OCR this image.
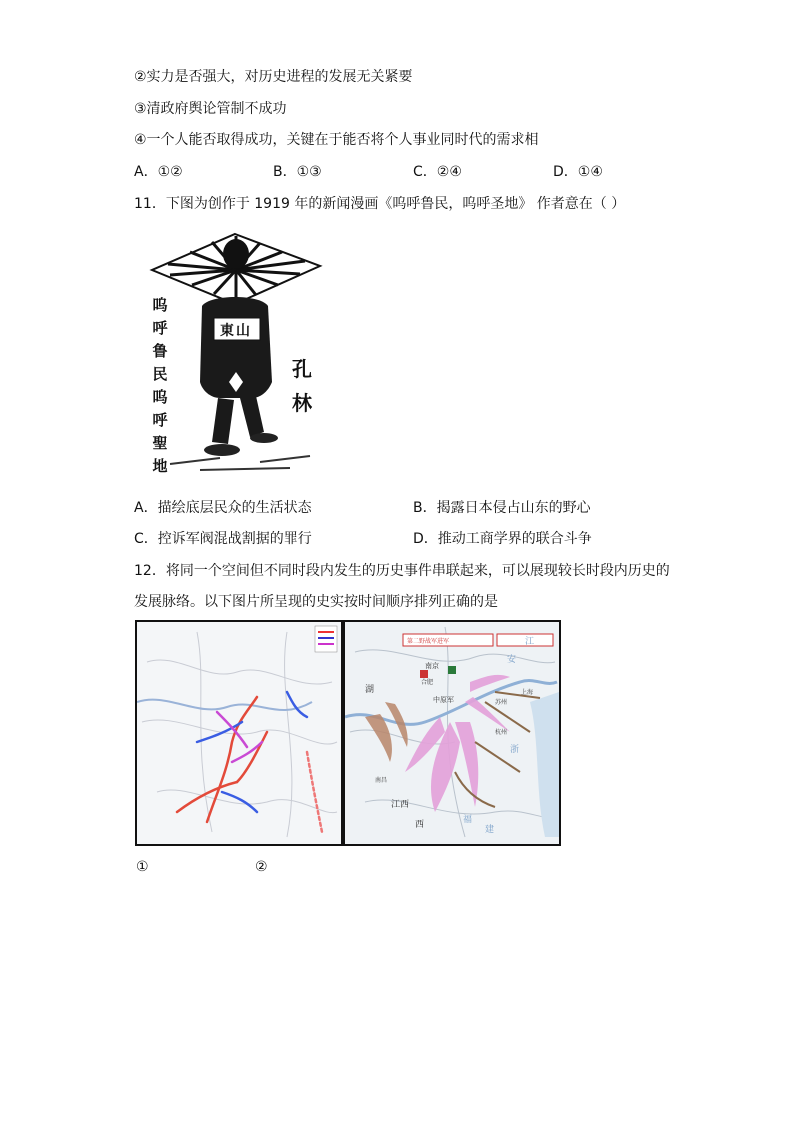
②实力是否强大，对历史进程的发展无关紧要
③清政府舆论管制不成功
④一个人能否取得成功，关键在于能否将个人事业同时代的需求相
A．①②	B．①③	C．②④	D．①④
11．下图为创作于 1919 年的新闻漫画《呜呼鲁民，呜呼圣地》 作者意在（ ）
呜呼鲁民呜呼聖地
東山
孔林
A．描绘底层民众的生活状态	B．揭露日本侵占山东的野心
C．控诉军阀混战割据的罪行	D．推动工商学界的联合斗争
12．将同一个空间但不同时段内发生的历史事件串联起来，可以展现较长时段内历史的
发展脉络。以下图片所呈现的史实按时间顺序排列正确的是
第二野战军进军
南京
合肥
苏州
上海
杭州
江
安
浙
福
建
中原军
南昌
江西
西
湖
①	②
